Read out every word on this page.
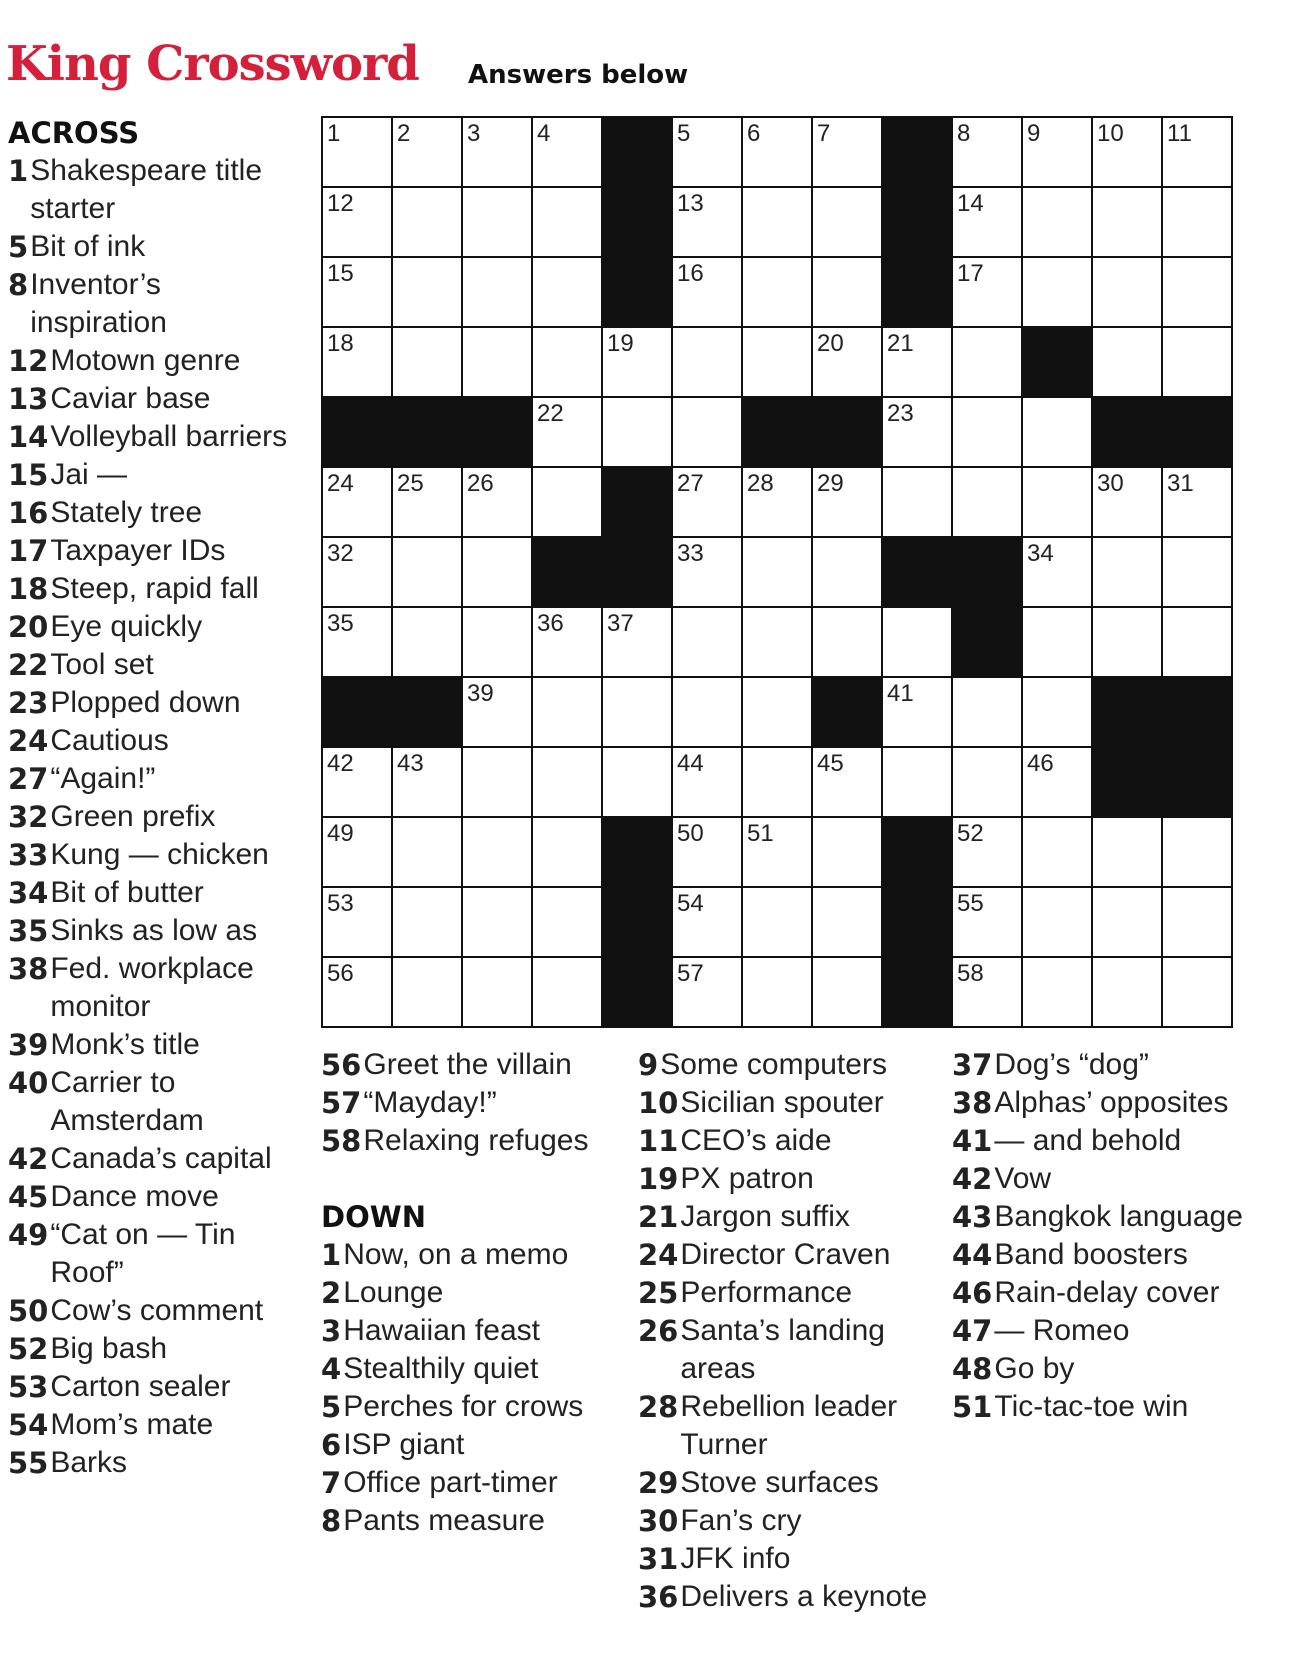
King Crossword Answers below
1 2 3 4	5 6 7	8 9 10 11
12	13	14
15	16	17
18	19	20 21
22	23
24 25 26	27 28 29	30 31
32	33	34
35	36 37
39	41
42 43	44	45	46
49	50 51	52
53	54	55
56	57	58
ACROSS
1 Shakespeare title starter
5 Bit of ink
8 Inventor’s inspiration
12 Motown genre
13 Caviar base
14 Volleyball barriers
15 Jai —
16 Stately tree
17 Taxpayer IDs
18 Steep, rapid fall
20 Eye quickly
22 Tool set
23 Plopped down
24 Cautious
27 “Again!”
32 Green prefix
33 Kung — chicken
34 Bit of butter
35 Sinks as low as
38 Fed. workplace monitor
39 Monk’s title
40 Carrier to Amsterdam
42 Canada’s capital
45 Dance move
49 “Cat on — Tin Roof”
50 Cow’s comment
52 Big bash
53 Carton sealer
54 Mom’s mate
55 Barks
56 Greet the villain
57 “Mayday!”
58 Relaxing refuges
DOWN
1 Now, on a memo
2 Lounge
3 Hawaiian feast
4 Stealthily quiet
5 Perches for crows
6 ISP giant
7 Office part-timer
8 Pants measure
9 Some computers
10 Sicilian spouter
11 CEO’s aide
19 PX patron
21 Jargon suffix
24 Director Craven
25 Performance
26 Santa’s landing areas
28 Rebellion leader Turner
29 Stove surfaces
30 Fan’s cry
31 JFK info
36 Delivers a keynote
37 Dog’s “dog”
38 Alphas’ opposites
41 — and behold
42 Vow
43 Bangkok language
44 Band boosters
46 Rain-delay cover
47 — Romeo
48 Go by
51 Tic-tac-toe win
